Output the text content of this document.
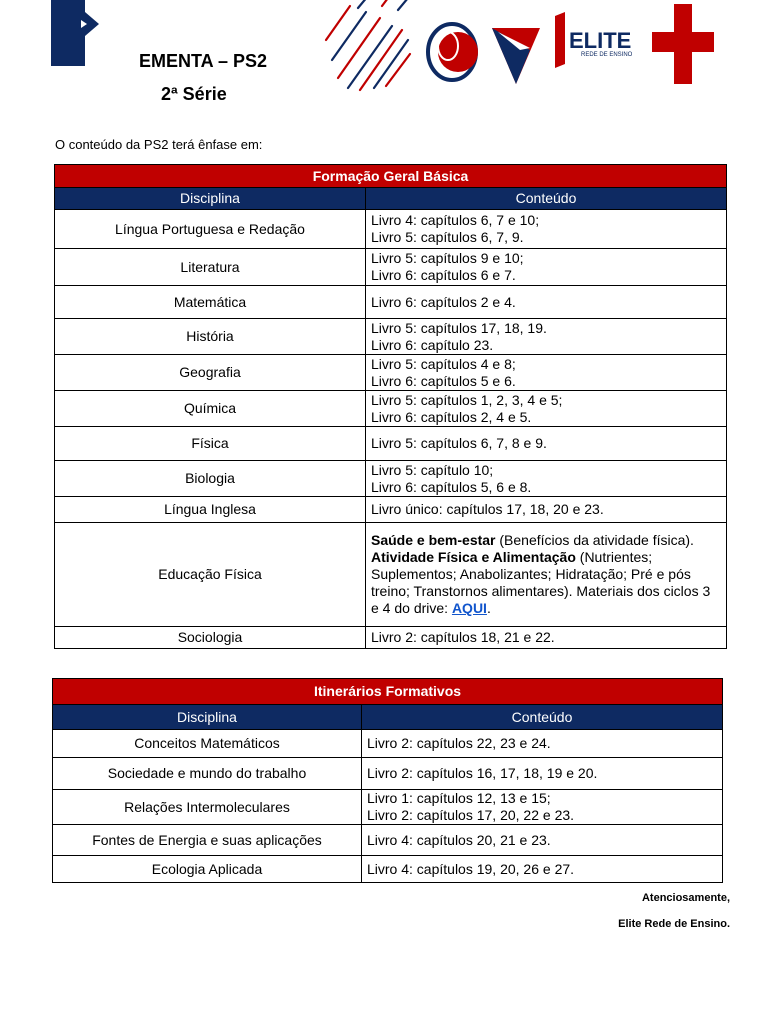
EMENTA – PS2
2ª Série
ELITE
REDE DE ENSINO
O conteúdo da PS2 terá ênfase em:
Formação Geral Básica	
Disciplina	Conteúdo
Língua Portuguesa e Redação	Livro 4: capítulos 6, 7 e 10;
Livro 5: capítulos 6, 7, 9.

Literatura	Livro 5: capítulos 9 e 10;
Livro 6: capítulos 6 e 7.

Matemática	Livro 6: capítulos 2 e 4.

História	Livro 5: capítulos 17, 18, 19.
Livro 6: capítulo 23.

Geografia	Livro 5: capítulos 4 e 8;
Livro 6: capítulos 5 e 6.

Química	Livro 5: capítulos 1, 2, 3, 4 e 5;
Livro 6: capítulos 2, 4 e 5.

Física	Livro 5: capítulos 6, 7, 8 e 9.

Biologia	Livro 5: capítulo 10;
Livro 6: capítulos 5, 6 e 8.

Língua Inglesa	Livro único: capítulos 17, 18, 20 e 23.

Educação Física	Saúde e bem-estar (Benefícios da atividade física).
Atividade Física e Alimentação (Nutrientes; Suplementos; Anabolizantes; Hidratação; Pré e pós treino; Transtornos alimentares). Materiais dos ciclos 3 e 4 do drive: AQUI.
Sociologia	Livro 2: capítulos 18, 21 e 22.
Itinerários Formativos	
Disciplina	Conteúdo
Conceitos Matemáticos	Livro 2: capítulos 22, 23 e 24.

Sociedade e mundo do trabalho	Livro 2: capítulos 16, 17, 18, 19 e 20.

Relações Intermoleculares	Livro 1: capítulos 12, 13 e 15;
Livro 2: capítulos 17, 20, 22 e 23.

Fontes de Energia e suas aplicações	Livro 4: capítulos 20, 21 e 23.

Ecologia Aplicada	Livro 4: capítulos 19, 20, 26 e 27.
Atenciosamente,
Elite Rede de Ensino.
